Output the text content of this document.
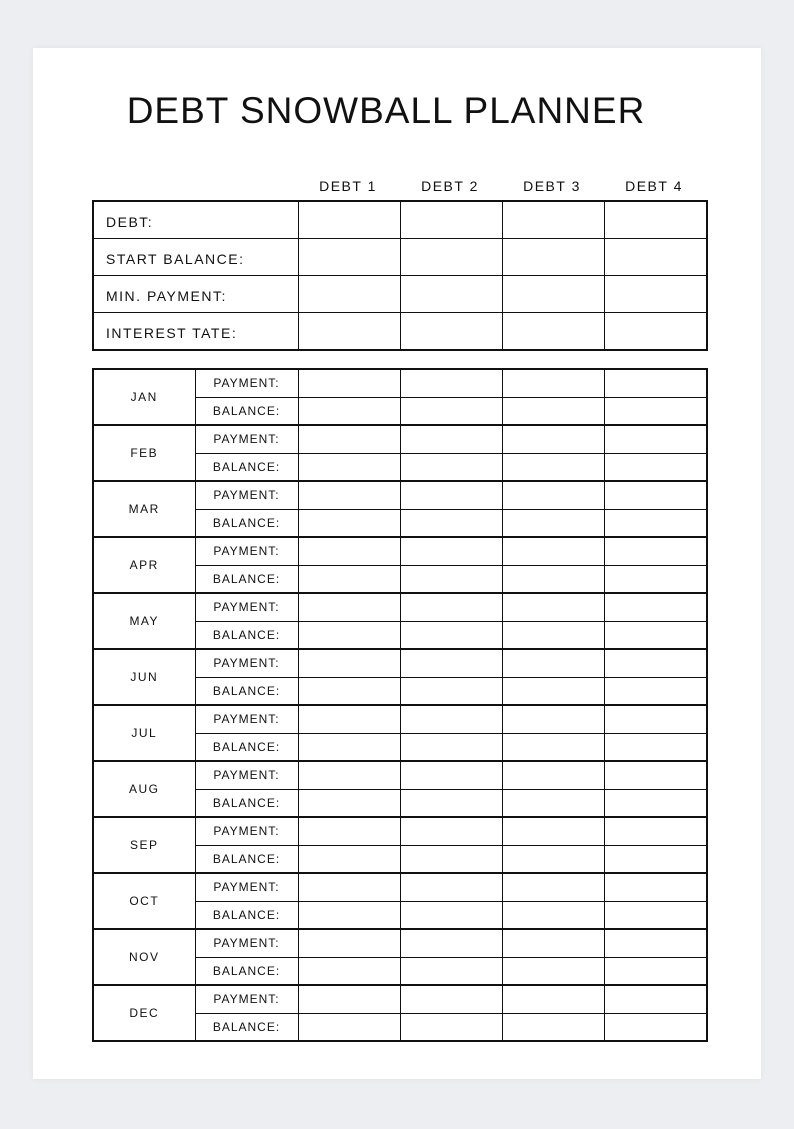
DEBT SNOWBALL PLANNER
DEBT 1	DEBT 2	DEBT 3	DEBT 4
DEBT:				
START BALANCE:				
MIN. PAYMENT:				
INTEREST TATE:				
JAN	PAYMENT:				
	BALANCE:				
FEB	PAYMENT:				
	BALANCE:				
MAR	PAYMENT:				
	BALANCE:				
APR	PAYMENT:				
	BALANCE:				
MAY	PAYMENT:				
	BALANCE:				
JUN	PAYMENT:				
	BALANCE:				
JUL	PAYMENT:				
	BALANCE:				
AUG	PAYMENT:				
	BALANCE:				
SEP	PAYMENT:				
	BALANCE:				
OCT	PAYMENT:				
	BALANCE:				
NOV	PAYMENT:				
	BALANCE:				
DEC	PAYMENT:				
	BALANCE:				
